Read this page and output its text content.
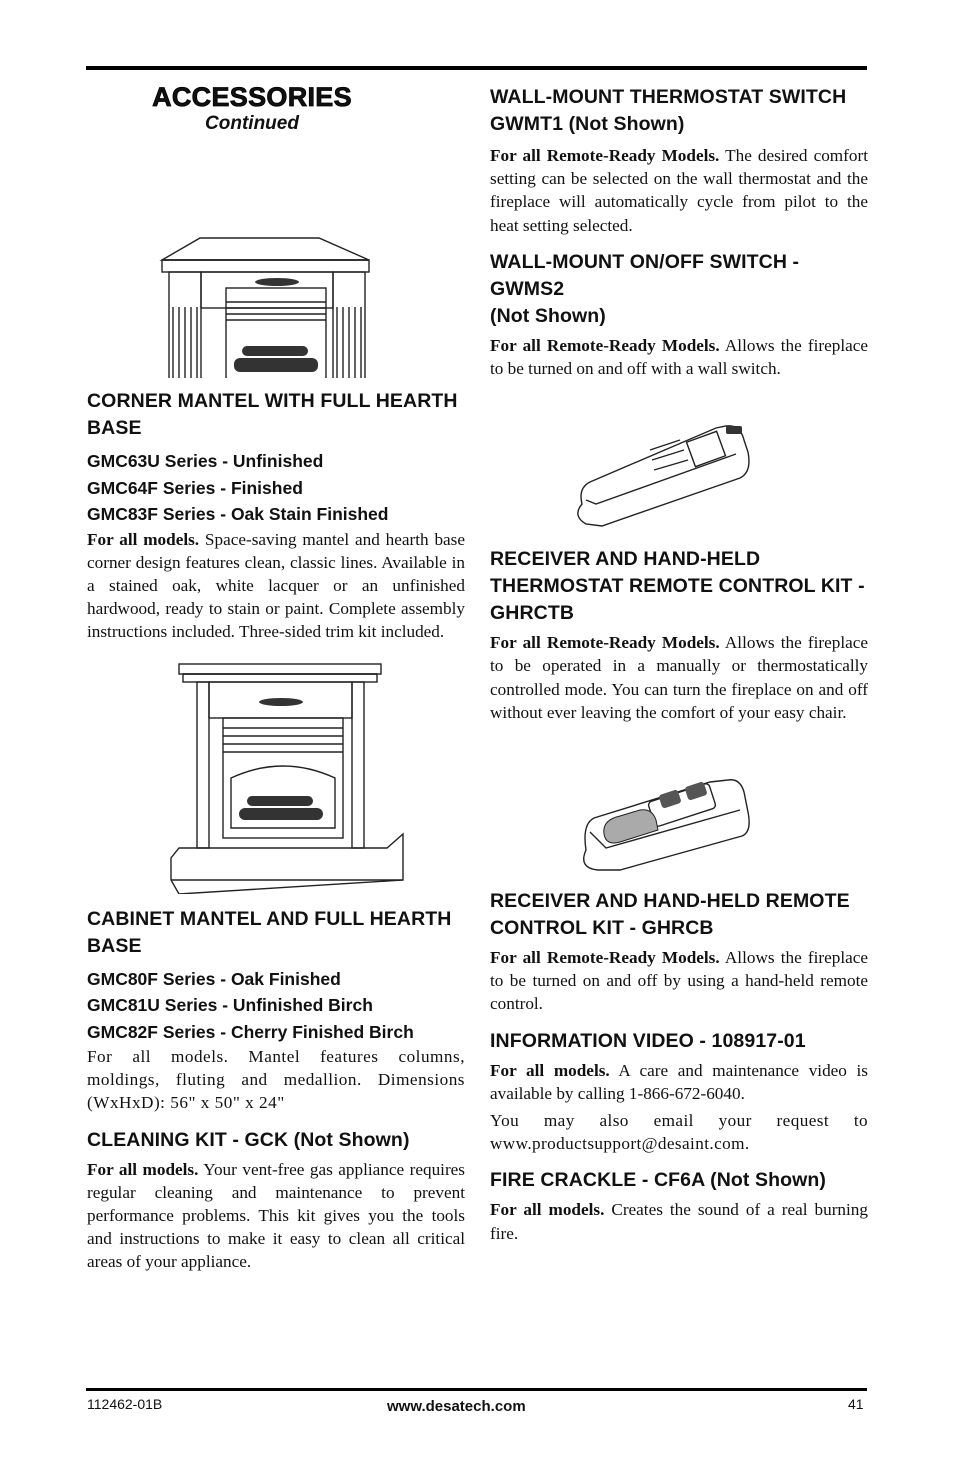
ACCESSORIES
Continued
CORNER MANTEL WITH FULL HEARTH BASE
GMC63U Series - Unfinished
GMC64F Series - Finished
GMC83F Series - Oak Stain Finished

For all models. Space-saving mantel and hearth base corner design features clean, classic lines. Available in a stained oak, white lacquer or an unfinished hardwood, ready to stain or paint. Complete assembly instructions included. Three-sided trim kit included.

CABINET MANTEL AND FULL HEARTH BASE
GMC80F Series - Oak Finished
GMC81U Series - Unfinished Birch
GMC82F Series - Cherry Finished Birch

For all models. Mantel features columns, moldings, fluting and medallion. Dimensions (WxHxD): 56" x 50" x 24"

CLEANING KIT - GCK (Not Shown)

For all models. Your vent-free gas appliance requires regular cleaning and maintenance to prevent performance problems. This kit gives you the tools and instructions to make it easy to clean all critical areas of your appliance.

WALL-MOUNT THERMOSTAT SWITCH GWMT1 (Not Shown)

For all Remote-Ready Models. The desired comfort setting can be selected on the wall thermostat and the fireplace will automatically cycle from pilot to the heat setting selected.

WALL-MOUNT ON/OFF SWITCH - GWMS2
(Not Shown)

For all Remote-Ready Models. Allows the fireplace to be turned on and off with a wall switch.

RECEIVER AND HAND-HELD THERMOSTAT REMOTE CONTROL KIT - GHRCTB

For all Remote-Ready Models. Allows the fireplace to be operated in a manually or thermostatically controlled mode. You can turn the fireplace on and off without ever leaving the comfort of your easy chair.

RECEIVER AND HAND-HELD REMOTE CONTROL KIT - GHRCB

For all Remote-Ready Models. Allows the fireplace to be turned on and off by using a hand-held remote control.

INFORMATION VIDEO - 108917-01

For all models. A care and maintenance video is available by calling 1-866-672-6040.

You may also email your request to www.productsupport@desaint.com.

FIRE CRACKLE - CF6A (Not Shown)

For all models. Creates the sound of a real burning fire.

112462-01B	www.desatech.com	41
